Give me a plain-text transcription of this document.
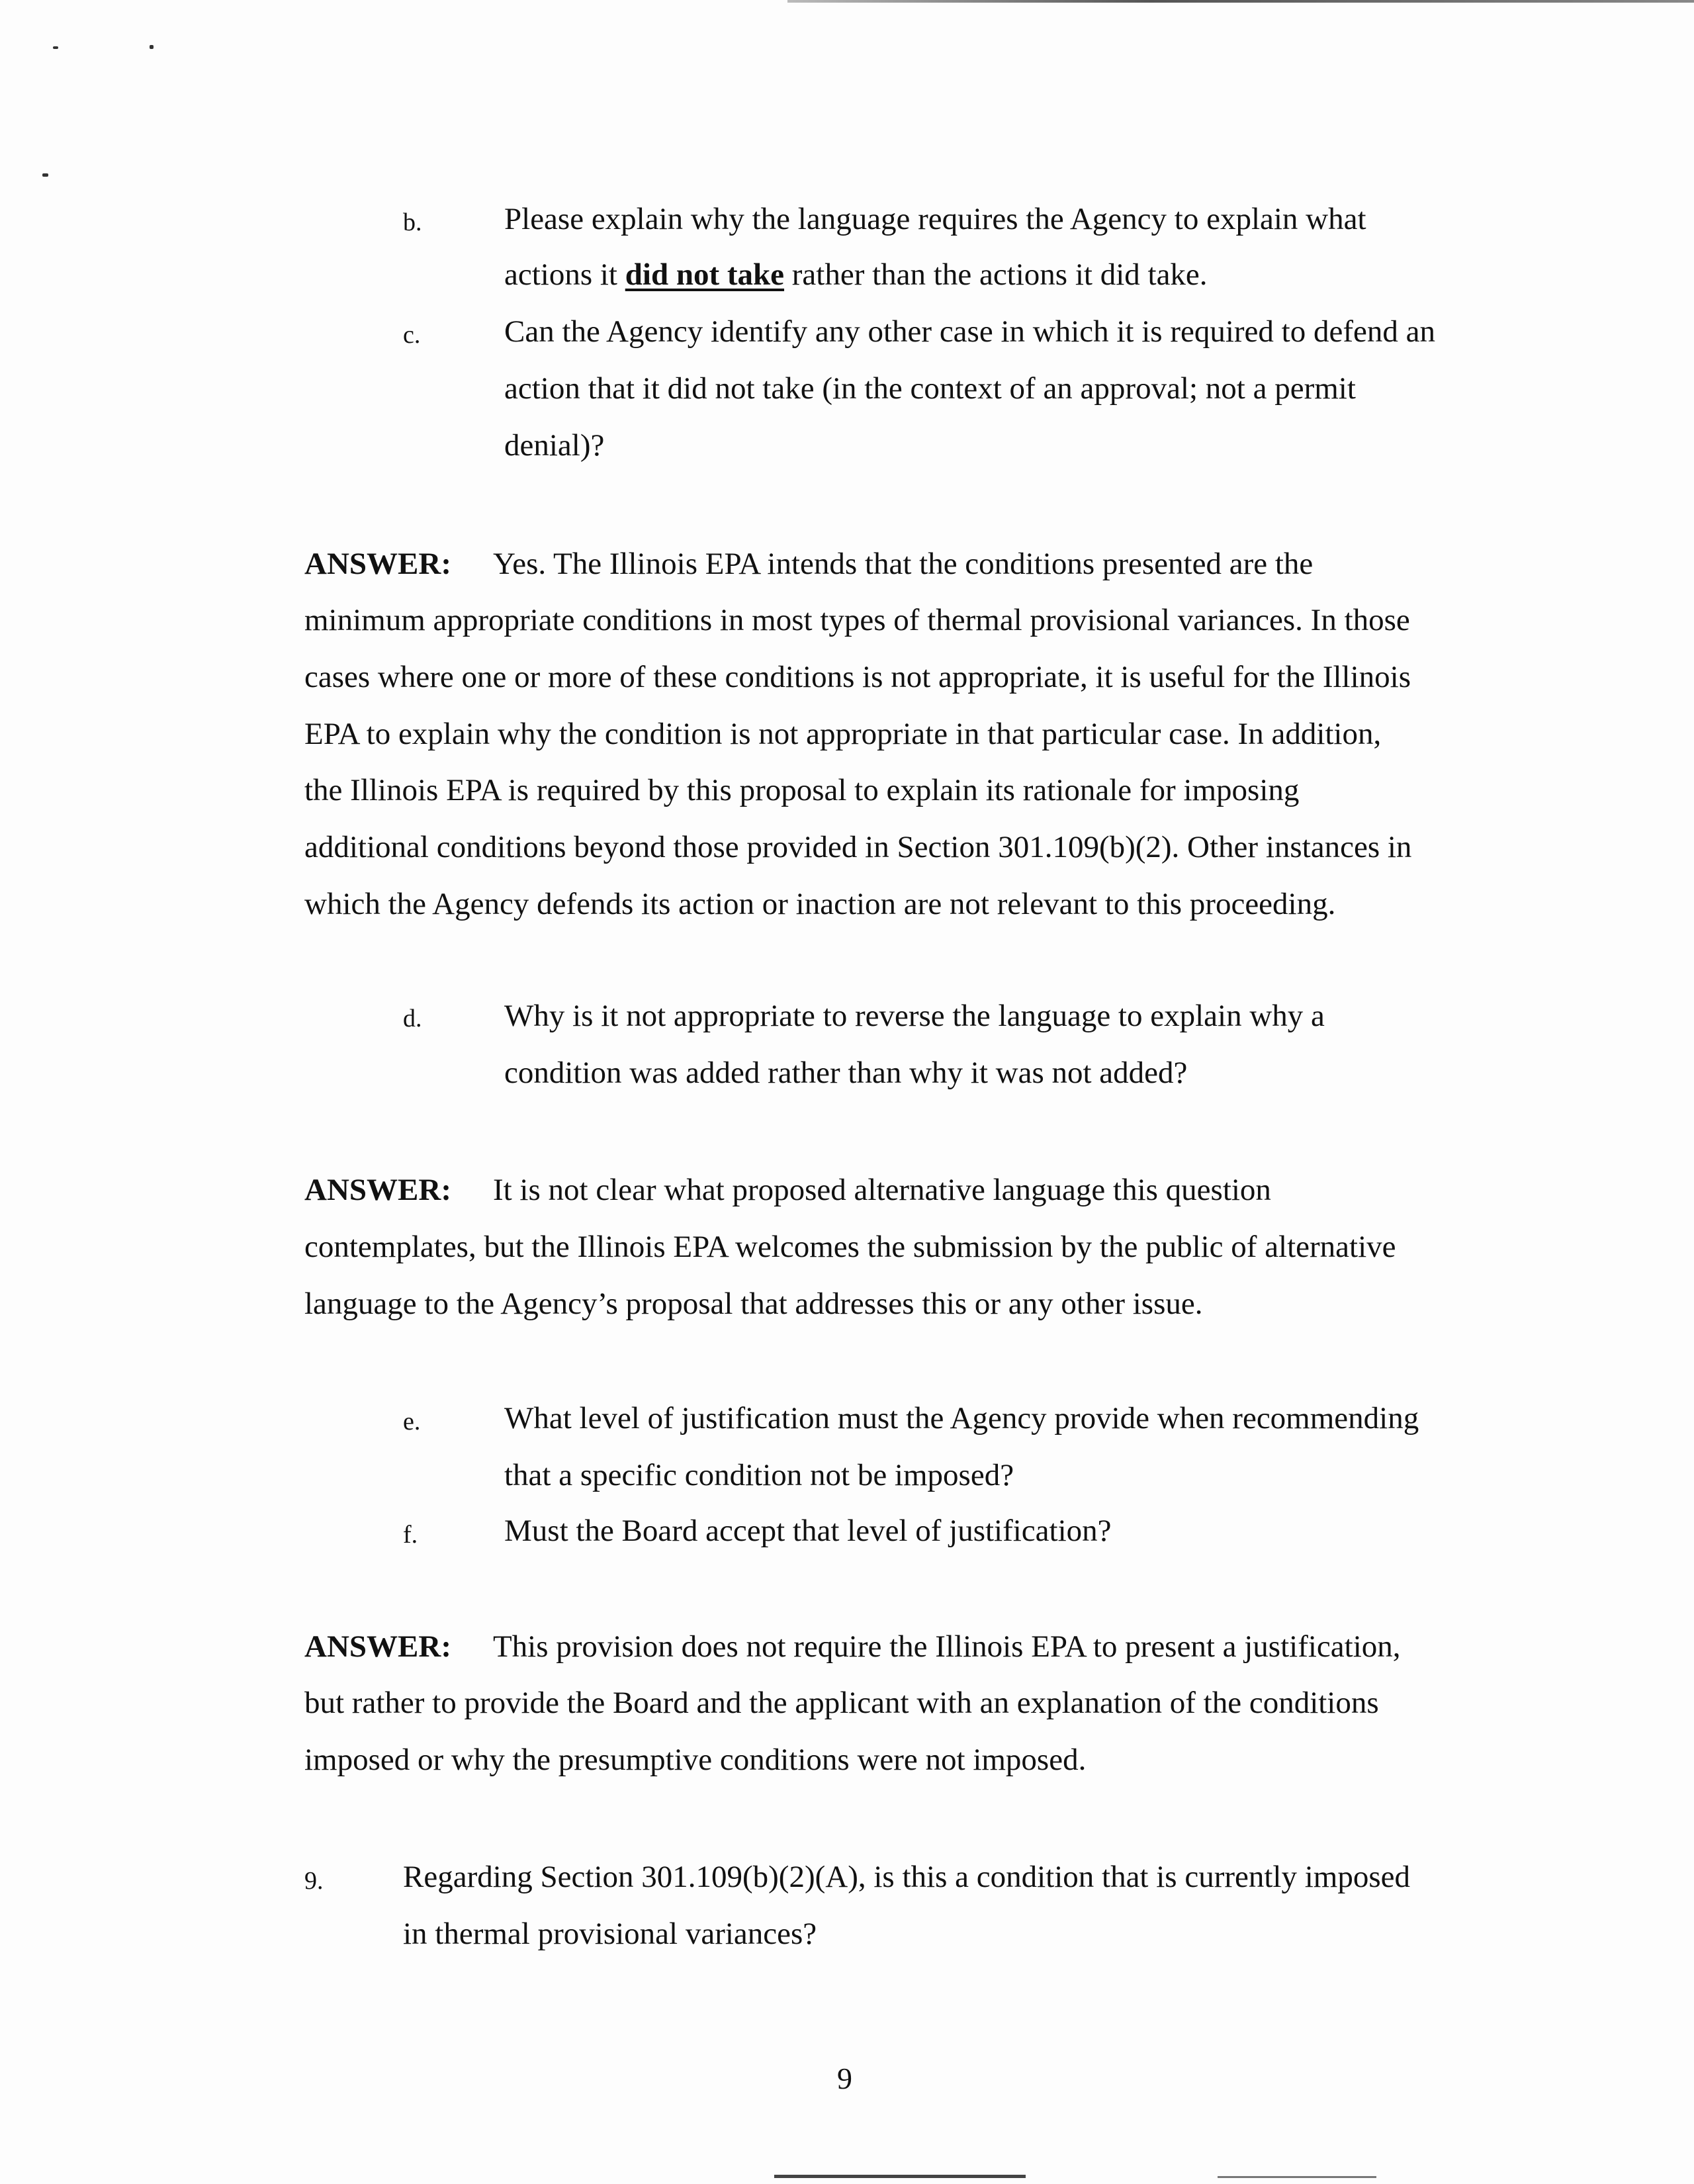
b.	Please explain why the language requires the Agency to explain what
actions it did not take rather than the actions it did take.
c.	Can the Agency identify any other case in which it is required to defend an
action that it did not take (in the context of an approval; not a permit
denial)?
ANSWER: Yes. The Illinois EPA intends that the conditions presented are the
minimum appropriate conditions in most types of thermal provisional variances. In those
cases where one or more of these conditions is not appropriate, it is useful for the Illinois
EPA to explain why the condition is not appropriate in that particular case. In addition,
the Illinois EPA is required by this proposal to explain its rationale for imposing
additional conditions beyond those provided in Section 301.109(b)(2). Other instances in
which the Agency defends its action or inaction are not relevant to this proceeding.
d.	Why is it not appropriate to reverse the language to explain why a
condition was added rather than why it was not added?
ANSWER: It is not clear what proposed alternative language this question
contemplates, but the Illinois EPA welcomes the submission by the public of alternative
language to the Agency’s proposal that addresses this or any other issue.
e.	What level of justification must the Agency provide when recommending
that a specific condition not be imposed?
f.	Must the Board accept that level of justification?
ANSWER: This provision does not require the Illinois EPA to present a justification,
but rather to provide the Board and the applicant with an explanation of the conditions
imposed or why the presumptive conditions were not imposed.
9.	Regarding Section 301.109(b)(2)(A), is this a condition that is currently imposed
in thermal provisional variances?
9
